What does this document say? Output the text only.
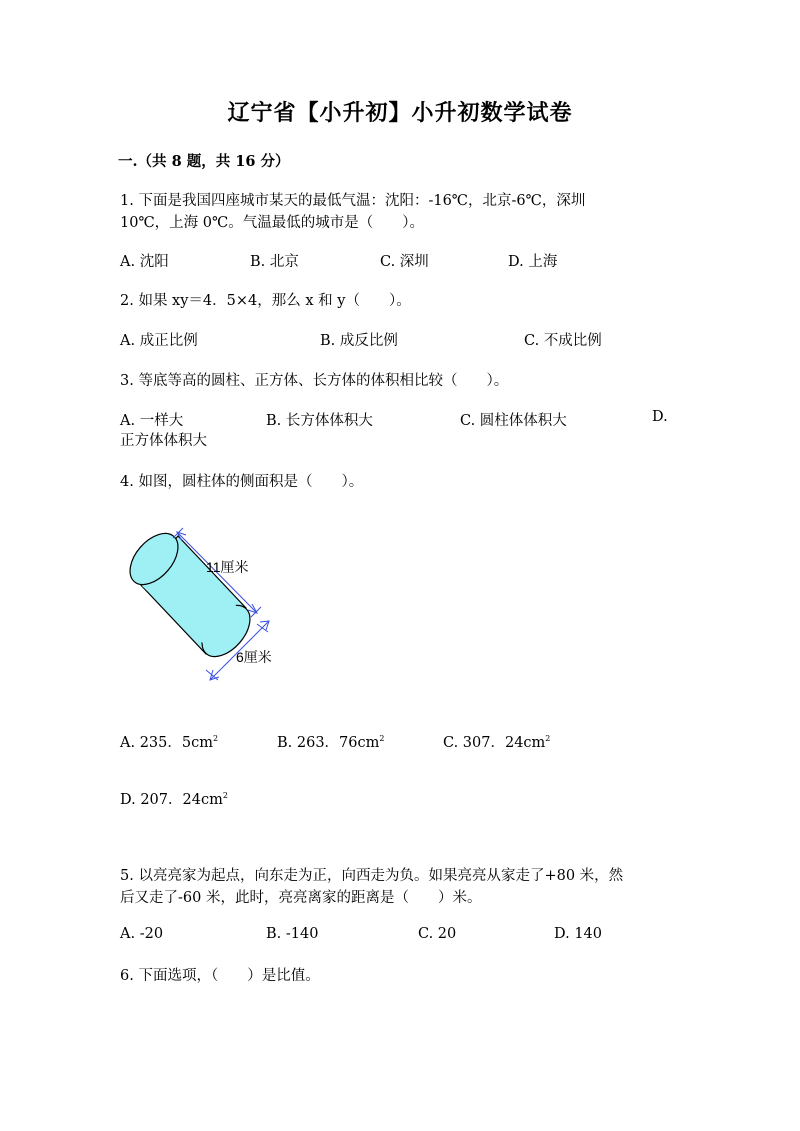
辽宁省【小升初】小升初数学试卷
一.（共 8 题，共 16 分）
1. 下面是我国四座城市某天的最低气温：沈阳：-16℃，北京-6℃，深圳
10℃，上海 0℃。气温最低的城市是（　　）。
A. 沈阳	B. 北京	C. 深圳	D. 上海
2. 如果 xy＝4．5×4，那么 x 和 y（　　）。
A. 成正比例	B. 成反比例	C. 不成比例
3. 等底等高的圆柱、正方体、长方体的体积相比较（　　）。
A. 一样大	B. 长方体体积大	C. 圆柱体体积大	D.
正方体体积大
4. 如图，圆柱体的侧面积是（　　）。
11厘米
6厘米
A. 235．$5cm^2$	B. 263．$76cm^2$	C. 307．$24cm^2$
D. 207．$24cm^2$
5. 以亮亮家为起点，向东走为正，向西走为负。如果亮亮从家走了+80 米，然
后又走了-60 米，此时，亮亮离家的距离是（　　）米。
A. -20	B. -140	C. 20	D. 140
6. 下面选项，（　　）是比值。
